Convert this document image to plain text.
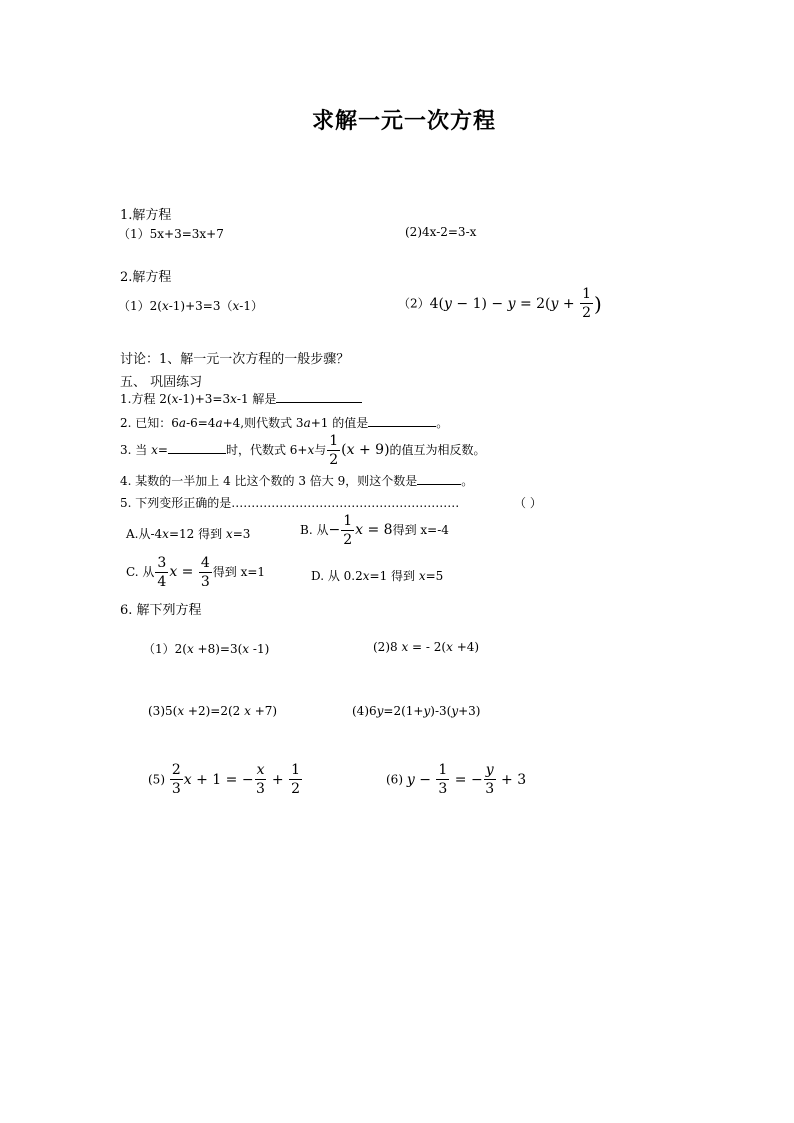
求解一元一次方程
1.解方程
（1）5x+3=3x+7	(2)4x-2=3-x
2.解方程
（1）2(x-1)+3=3（x-1）	$(2)4(y - 1) - y = 2(y + \frac{1}{2}$ )
讨论：1、解一元一次方程的一般步骤？
五、 巩固练习
1.方程 2(x-1)+3=3x-1 解是
2. 已知：6a-6=4a+4,则代数式 3a+1 的值是	。
3. 当 x=	时，代数式 6+x与 $\frac{1}{2} (x + 9)$的值互为相反数。
4. 某数的一半加上 4 比这个数的 3 倍大 9，则这个数是	。
5. 下列变形正确的是…………………………………………………	（ ）
A.从-4x=12 得到 x=3	B. 从− $\frac{1}{2}$ x = 8得到 x=-4
C. 从 $\frac{3}{4}$ $x = \frac{4}{3}$ 得到 x=1	D. 从 0.2x=1 得到 x=5
6. 解下列方程
（1）2(x +8)=3(x -1)	(2)8 x = - 2(x +4)
(3)5(x +2)=2(2 x +7)	(4)6y=2(1+y)-3(y+3)
$(5) \frac{2}{3}$ x + 1 = − $\frac{x}{3} + \frac{1}{2}$	(6) $y - \frac{1}{3}$ = − $\frac{y}{3} + 3$
